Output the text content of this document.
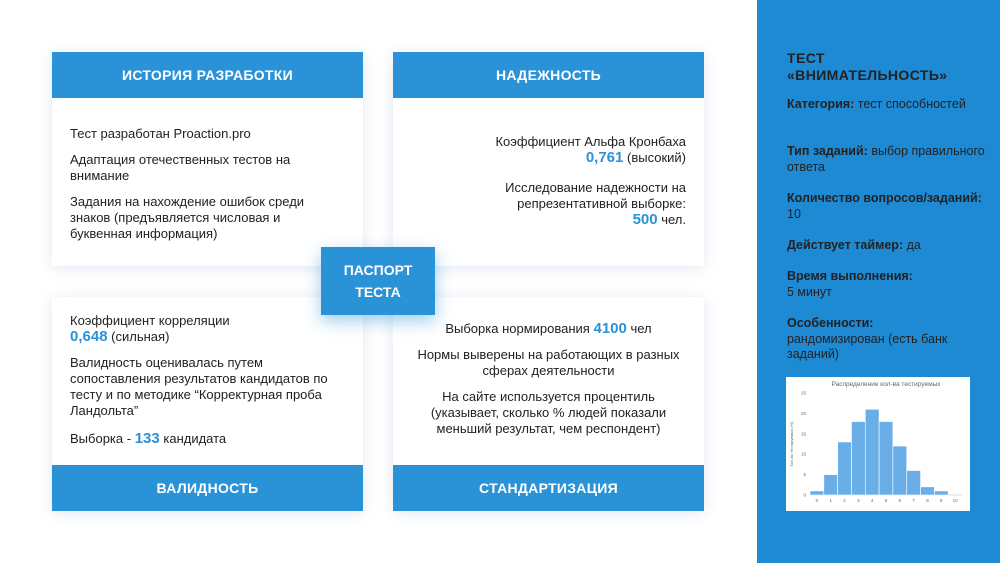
ИСТОРИЯ РАЗРАБОТКИ

Тест разработан Proaction.pro

Адаптация отечественных тестов на внимание

Задания на нахождение ошибок среди знаков (предъявляется числовая и буквенная информация)

НАДЕЖНОСТЬ

Коэффициент Альфа Кронбаха

0,761 (высокий)

Исследование надежности на репрезентативной выборке:

500 чел.

Коэффициент корреляции

0,648 (сильная)

Валидность оценивалась путем сопоставления результатов кандидатов по тесту и по методике “Корректурная проба Ландольта”

Выборка - 133 кандидата

ВАЛИДНОСТЬ

Выборка нормирования 4100 чел

Нормы выверены на работающих в разных сферах деятельности

На сайте используется процентиль (указывает, сколько % людей показали меньший результат, чем респондент)

СТАНДАРТИЗАЦИЯ
ПАСПОРТ
ТЕСТА
ТЕСТ
«ВНИМАТЕЛЬНОСТЬ»
Категория: тест способностей
Тип заданий: выбор правильного ответа
Количество вопросов/заданий: 10
Действует таймер: да
Время выполнения:
5 минут
Особенности:
рандомизирован (есть банк заданий)
Распределение кол-ва тестируемых
Кол-во тестируемых (%)
0
5
10
15
20
25
0	1	2	3	4	5	6	7	8	9 10
